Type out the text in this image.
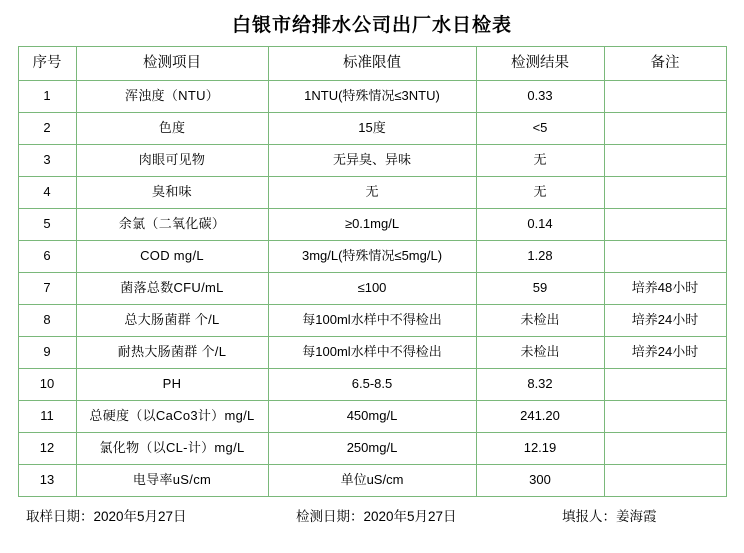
白银市给排水公司出厂水日检表
序号	检测项目	标准限值	检测结果	备注
1	浑浊度（NTU）	1NTU(特殊情况≤3NTU)	0.33	
2	色度	15度	<5	
3	肉眼可见物	无异臭、异味	无	
4	臭和味	无	无	
5	余氯（二氧化碳）	≥0.1mg/L	0.14	
6	COD mg/L	3mg/L(特殊情况≤5mg/L)	1.28	
7	菌落总数CFU/mL	≤100	59	培养48小时
8	总大肠菌群 个/L	每100ml水样中不得检出	未检出	培养24小时
9	耐热大肠菌群 个/L	每100ml水样中不得检出	未检出	培养24小时
10	PH	6.5-8.5	8.32	
11	总硬度（以CaCo3计）mg/L	450mg/L	241.20	
12	氯化物（以CL-计）mg/L	250mg/L	12.19	
13	电导率uS/cm	单位uS/cm	300	
取样日期：2020年5月27日	检测日期：2020年5月27日	填报人：姜海霞
